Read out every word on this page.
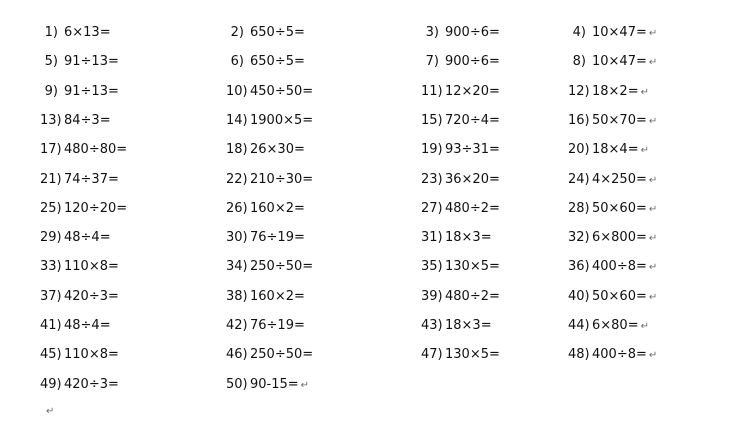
1) 6×13=	2) 650÷5=	3) 900÷6=	4) 10×47= ↵
5) 91÷13=	6) 650÷5=	7) 900÷6=	8) 10×47= ↵
9) 91÷13=	10) 450÷50=	11) 12×20=	12) 18×2= ↵
13) 84÷3=	14) 1900×5=	15) 720÷4=	16) 50×70= ↵
17) 480÷80=	18) 26×30=	19) 93÷31=	20) 18×4= ↵
21) 74÷37=	22) 210÷30=	23) 36×20=	24) 4×250= ↵
25) 120÷20=	26) 160×2=	27) 480÷2=	28) 50×60= ↵
29) 48÷4=	30) 76÷19=	31) 18×3=	32) 6×800= ↵
33) 110×8=	34) 250÷50=	35) 130×5=	36) 400÷8= ↵
37) 420÷3=	38) 160×2=	39) 480÷2=	40) 50×60= ↵
41) 48÷4=	42) 76÷19=	43) 18×3=	44) 6×80= ↵
45) 110×8=	46) 250÷50=	47) 130×5=	48) 400÷8= ↵
49) 420÷3=	50) 90-15= ↵
↵
